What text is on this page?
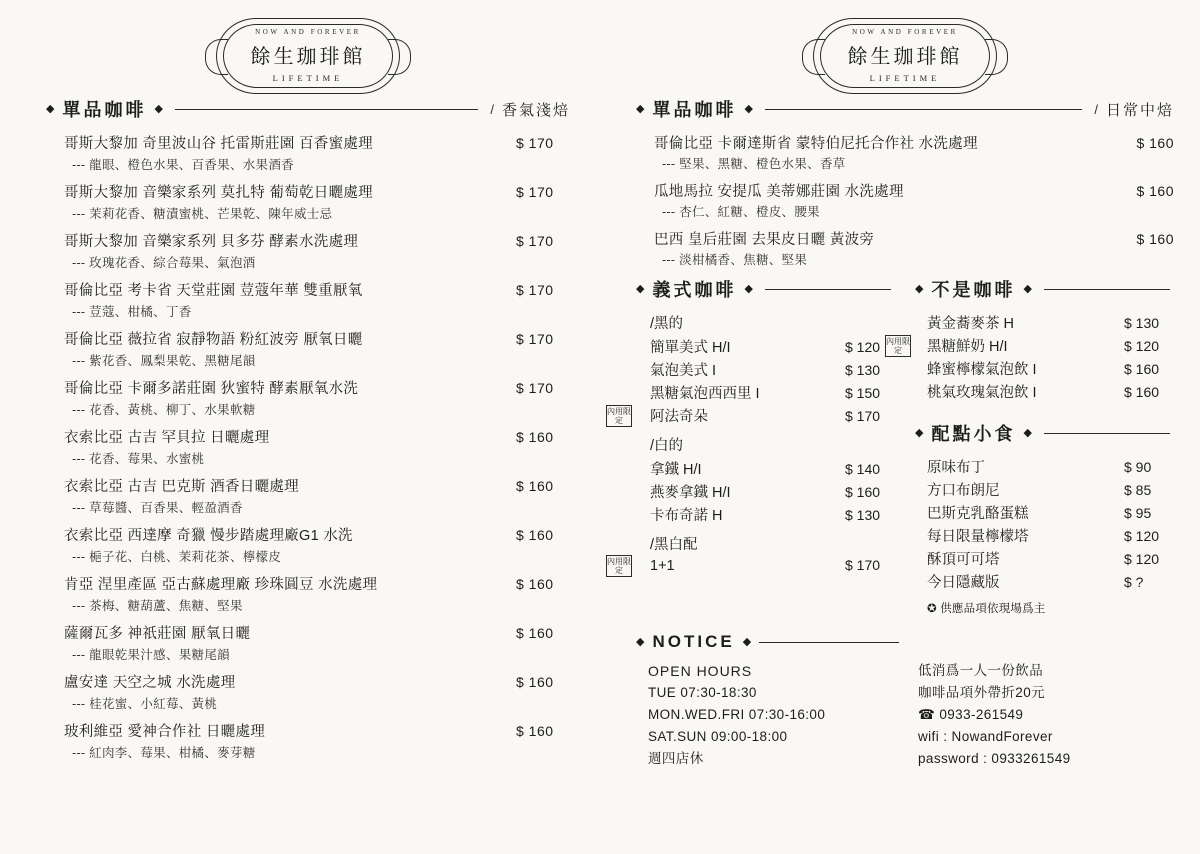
NOW AND FOREVER
餘生珈琲館
LIFETIME
◆ 單品咖啡 ◆	/ 香氣淺焙
哥斯大黎加 奇里波山谷 托雷斯莊園 百香蜜處理	$ 170
--- 龍眼、橙色水果、百香果、水果酒香
哥斯大黎加 音樂家系列 莫扎特 葡萄乾日曬處理	$ 170
--- 茉莉花香、糖漬蜜桃、芒果乾、陳年威士忌
哥斯大黎加 音樂家系列 貝多芬 酵素水洗處理	$ 170
--- 玫瑰花香、綜合莓果、氣泡酒
哥倫比亞 考卡省 天堂莊園 荳蔻年華 雙重厭氧	$ 170
--- 荳蔻、柑橘、丁香
哥倫比亞 薇拉省 寂靜物語 粉紅波旁 厭氧日曬	$ 170
--- 紫花香、鳳梨果乾、黑糖尾韻
哥倫比亞 卡爾多諾莊園 狄蜜特 酵素厭氧水洗	$ 170
--- 花香、黃桃、柳丁、水果軟糖
衣索比亞 古吉 罕貝拉 日曬處理	$ 160
--- 花香、莓果、水蜜桃
衣索比亞 古吉 巴克斯 酒香日曬處理	$ 160
--- 草莓醬、百香果、輕盈酒香
衣索比亞 西達摩 奇獵 慢步踏處理廠G1 水洗	$ 160
--- 梔子花、白桃、茉莉花茶、檸檬皮
肯亞 涅里產區 亞古蘇處理廠 珍珠圓豆 水洗處理	$ 160
--- 茶梅、糖葫蘆、焦糖、堅果
薩爾瓦多 神祇莊園 厭氧日曬	$ 160
--- 龍眼乾果汁感、果糖尾韻
盧安達 天空之城 水洗處理	$ 160
--- 桂花蜜、小紅莓、黃桃
玻利維亞 愛神合作社 日曬處理	$ 160
--- 紅肉李、莓果、柑橘、麥芽糖
NOW AND FOREVER
餘生珈琲館
LIFETIME
◆ 單品咖啡 ◆	/ 日常中焙
哥倫比亞 卡爾達斯省 蒙特伯尼托合作社 水洗處理	$ 160
--- 堅果、黑糖、橙色水果、香草
瓜地馬拉 安提瓜 美蒂娜莊園 水洗處理	$ 160
--- 杏仁、紅糖、橙皮、腰果
巴西 皇后莊園 去果皮日曬 黃波旁	$ 160
--- 淡柑橘香、焦糖、堅果
◆ 義式咖啡 ◆
/黑的
簡單美式 H/I	$ 120
氣泡美式 I	$ 130
黑糖氣泡西西里 I	$ 150
內用限定	阿法奇朵	$ 170
/白的
拿鐵 H/I	$ 140
燕麥拿鐵 H/I	$ 160
卡布奇諾 H	$ 130
/黑白配
內用限定	1+1	$ 170
◆ 不是咖啡 ◆
黃金蕎麥茶 H	$ 130
內用限定	黑糖鮮奶 H/I	$ 120
蜂蜜檸檬氣泡飲 I	$ 160
桃氣玫瑰氣泡飲 I	$ 160
◆ 配點小食 ◆
原味布丁	$ 90
方口布朗尼	$ 85
巴斯克乳酪蛋糕	$ 95
每日限量檸檬塔	$ 120
酥頂可可塔	$ 120
今日隱藏版	$ ?
✪ 供應品項依現場爲主
◆ NOTICE ◆
OPEN HOURS
TUE 07:30-18:30
MON.WED.FRI 07:30-16:00
SAT.SUN 09:00-18:00
週四店休
低消爲一人一份飲品
咖啡品項外帶折20元
☎ 0933-261549
wifi : NowandForever
password : 0933261549
